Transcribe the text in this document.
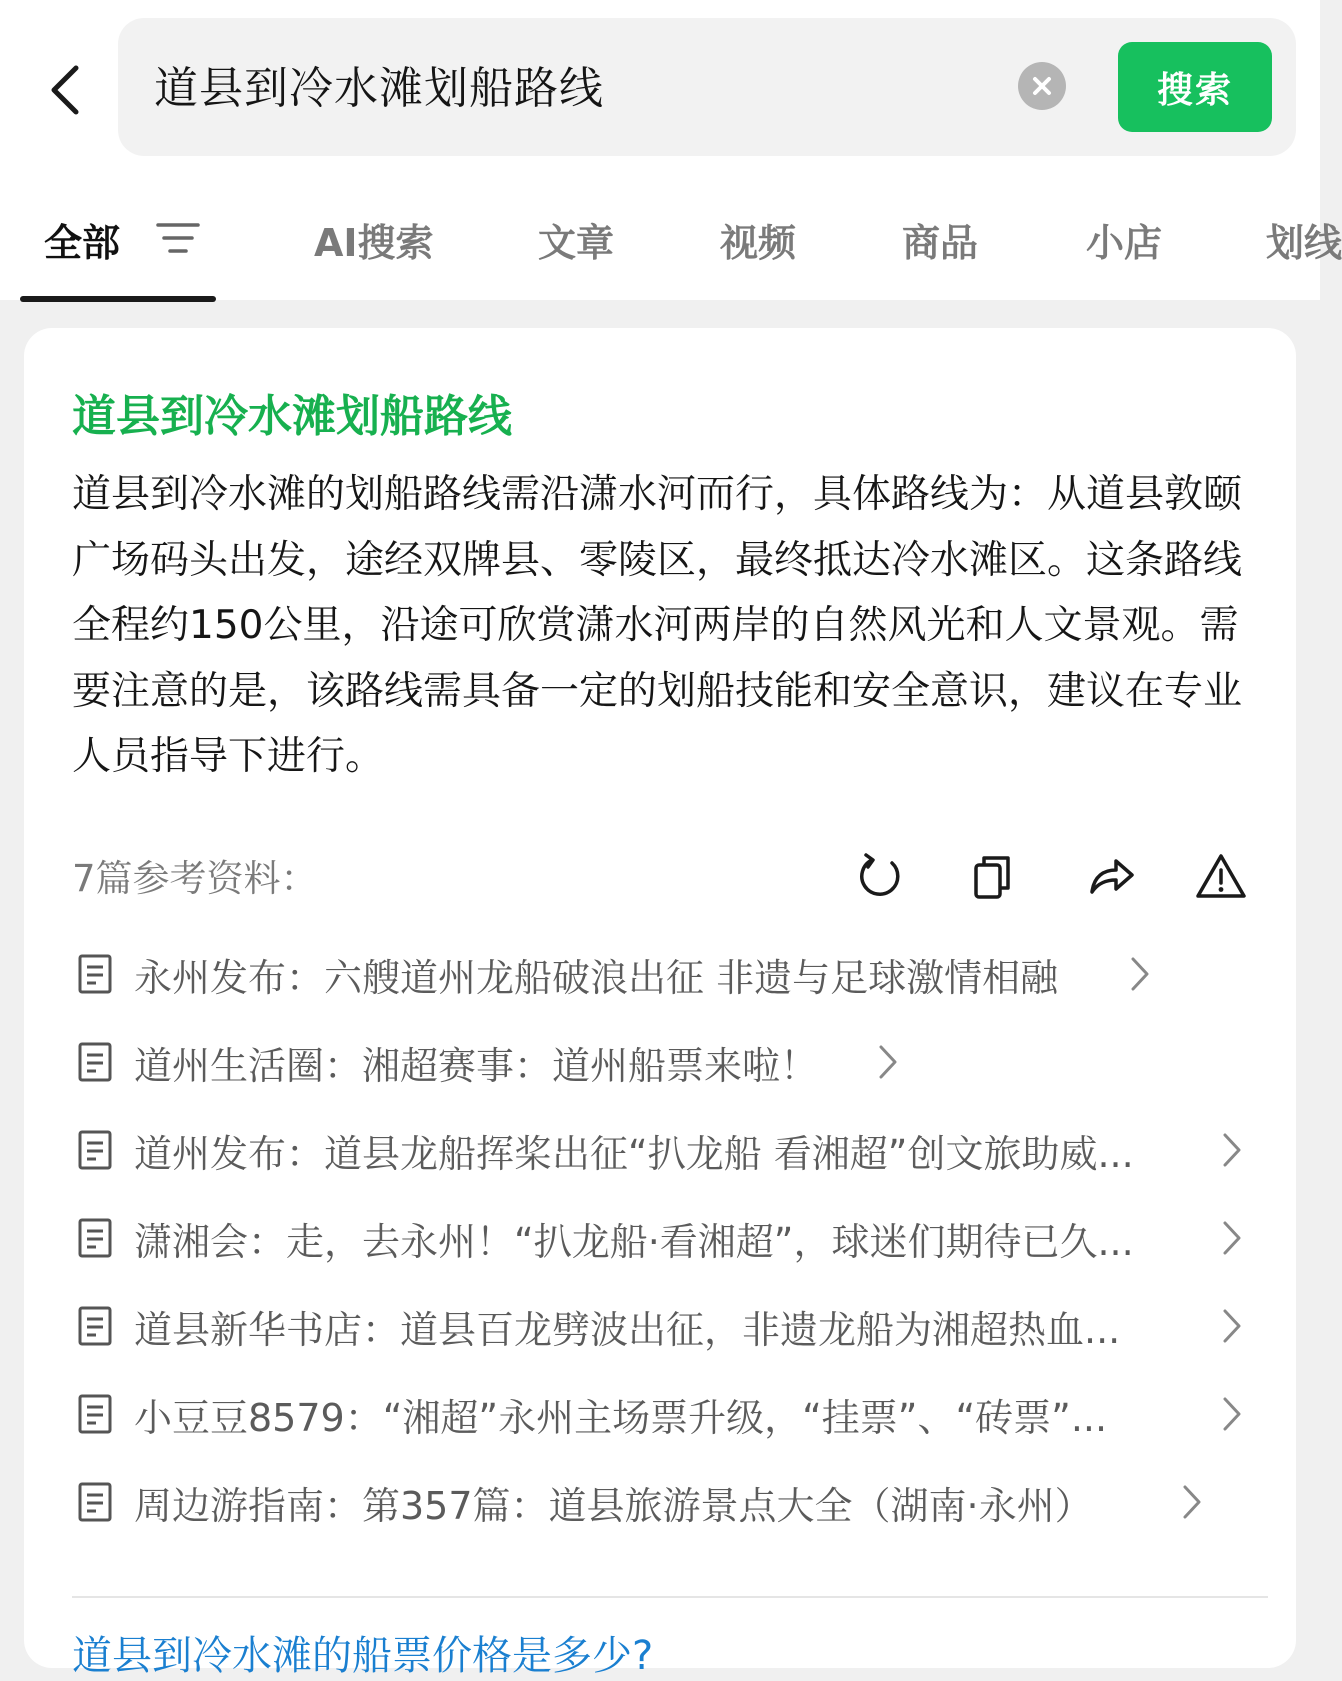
道县到冷水滩划船路线	搜索
全部	AI搜索	文章	视频	商品	小店	划线
道县到冷水滩划船路线
道县到冷水滩的划船路线需沿潇水河而行，具体路线为：从道县敦颐广场码头出发，途经双牌县、零陵区，最终抵达冷水滩区。这条路线全程约150公里，沿途可欣赏潇水河两岸的自然风光和人文景观。需要注意的是，该路线需具备一定的划船技能和安全意识，建议在专业人员指导下进行。
7篇参考资料：
永州发布：六艘道州龙船破浪出征 非遗与足球激情相融
道州生活圈：湘超赛事：道州船票来啦！
道州发布：道县龙船挥桨出征“扒龙船 看湘超”创文旅助威...
潇湘会：走，去永州！“扒龙船·看湘超”，球迷们期待已久...
道县新华书店：道县百龙劈波出征，非遗龙船为湘超热血...
小豆豆8579：“湘超”永州主场票升级，“挂票”、“砖票”...
周边游指南：第357篇：道县旅游景点大全（湖南·永州）
道县到冷水滩的船票价格是多少?
